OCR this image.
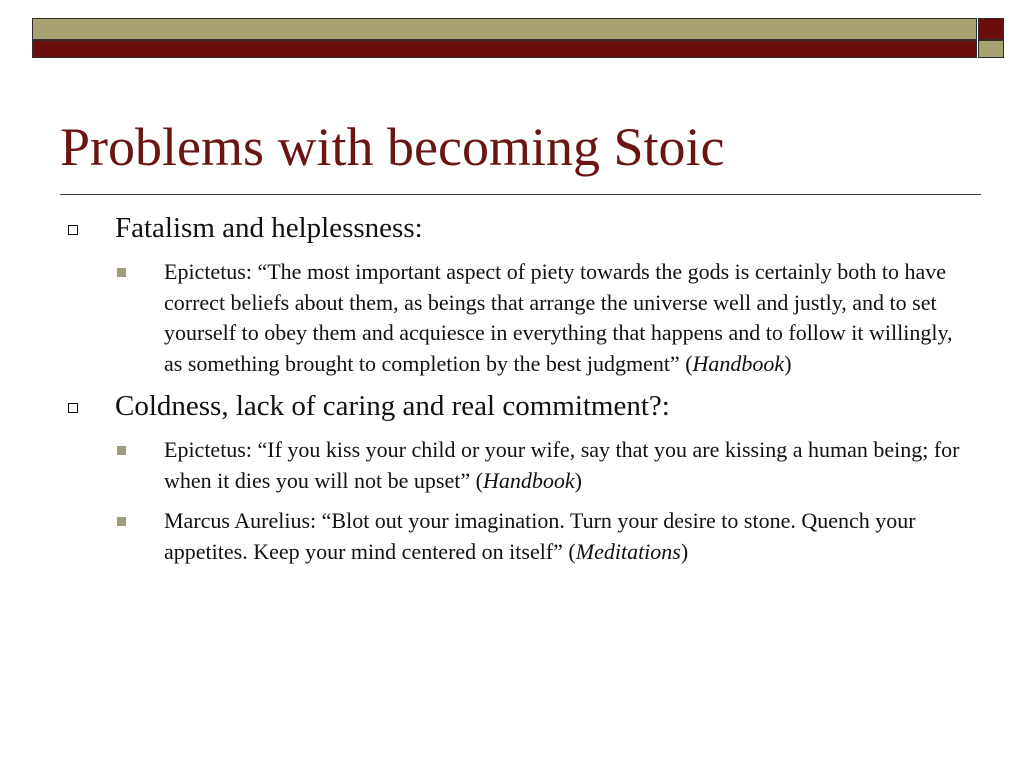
Problems with becoming Stoic
Fatalism and helplessness:
Epictetus: “The most important aspect of piety towards the gods is certainly both to have correct beliefs about them, as beings that arrange the universe well and justly, and to set yourself to obey them and acquiesce in everything that happens and to follow it willingly, as something brought to completion by the best judgment” (Handbook)
Coldness, lack of caring and real commitment?:
Epictetus: “If you kiss your child or your wife, say that you are kissing a human being; for when it dies you will not be upset” (Handbook)
Marcus Aurelius: “Blot out your imagination. Turn your desire to stone. Quench your appetites. Keep your mind centered on itself” (Meditations)
